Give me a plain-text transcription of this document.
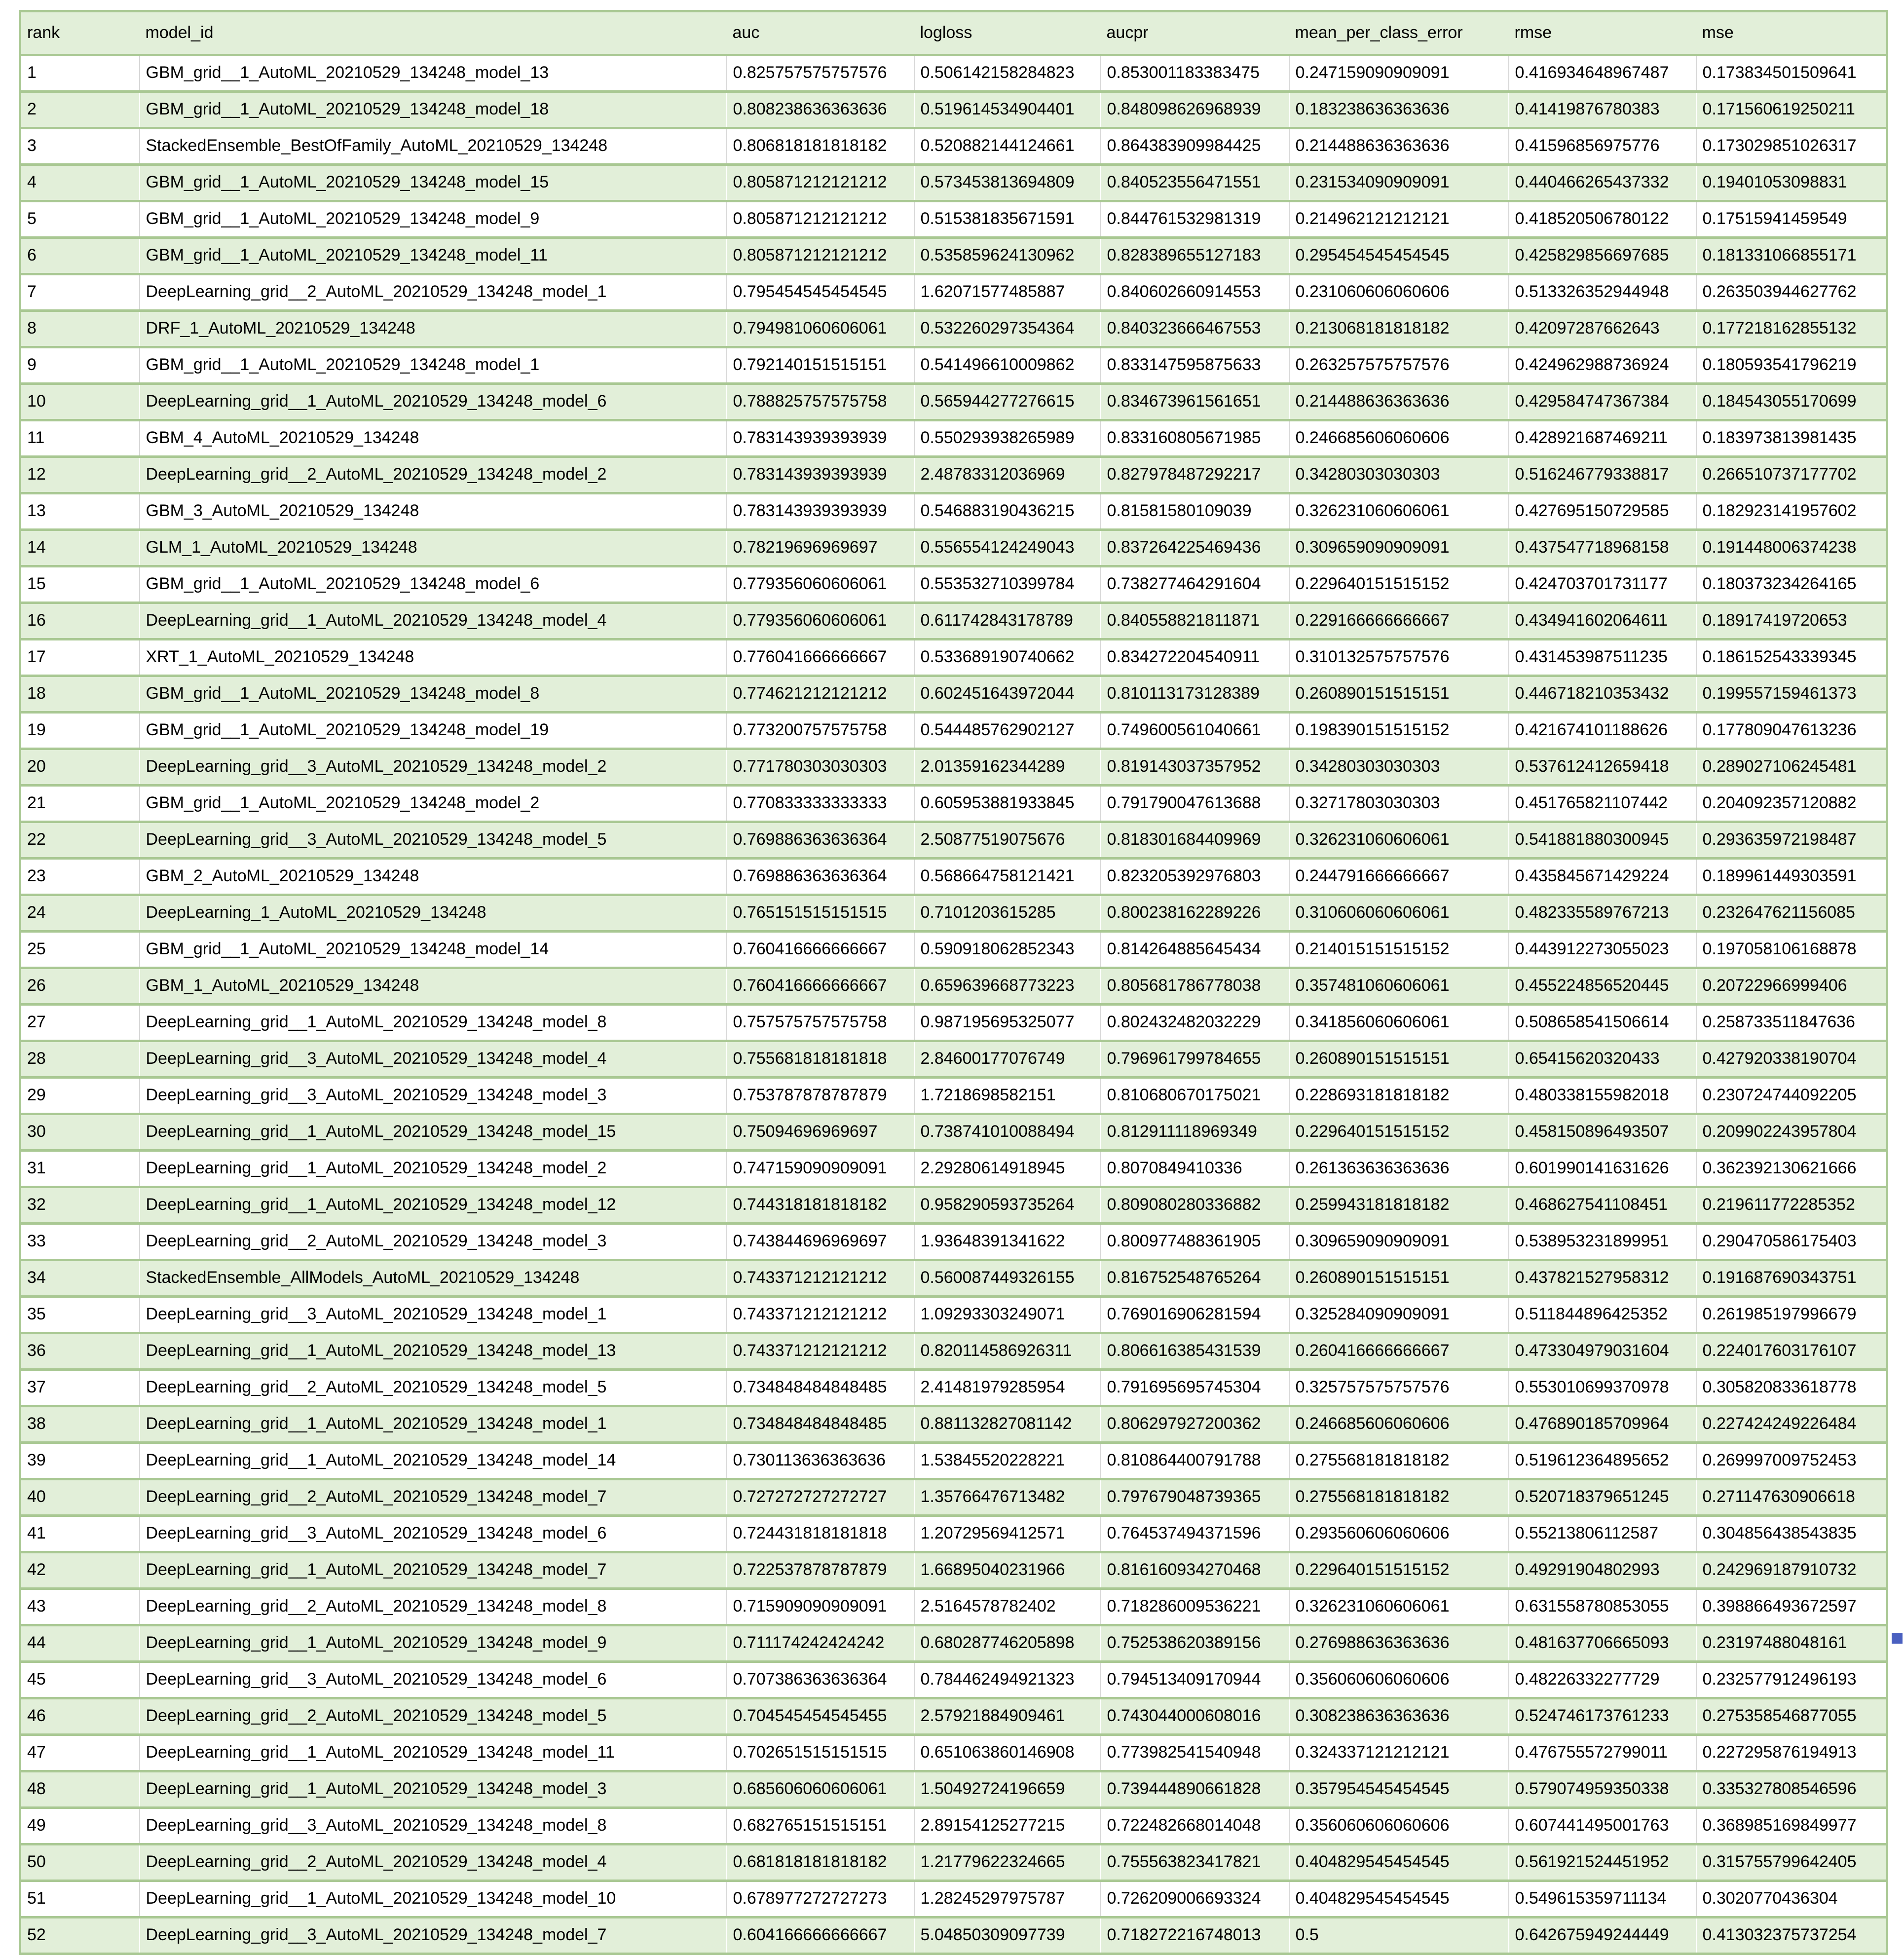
rank	model_id	auc	logloss	aucpr	mean_per_class_error	rmse	mse
1	GBM_grid__1_AutoML_20210529_134248_model_13	0.825757575757576	0.506142158284823	0.853001183383475	0.247159090909091	0.416934648967487	0.173834501509641
2	GBM_grid__1_AutoML_20210529_134248_model_18	0.808238636363636	0.519614534904401	0.848098626968939	0.183238636363636	0.41419876780383	0.171560619250211
3	StackedEnsemble_BestOfFamily_AutoML_20210529_134248	0.806818181818182	0.520882144124661	0.864383909984425	0.214488636363636	0.41596856975776	0.173029851026317
4	GBM_grid__1_AutoML_20210529_134248_model_15	0.805871212121212	0.573453813694809	0.840523556471551	0.231534090909091	0.440466265437332	0.19401053098831
5	GBM_grid__1_AutoML_20210529_134248_model_9	0.805871212121212	0.515381835671591	0.844761532981319	0.214962121212121	0.418520506780122	0.17515941459549
6	GBM_grid__1_AutoML_20210529_134248_model_11	0.805871212121212	0.535859624130962	0.828389655127183	0.295454545454545	0.425829856697685	0.181331066855171
7	DeepLearning_grid__2_AutoML_20210529_134248_model_1	0.795454545454545	1.62071577485887	0.840602660914553	0.231060606060606	0.513326352944948	0.263503944627762
8	DRF_1_AutoML_20210529_134248	0.794981060606061	0.532260297354364	0.840323666467553	0.213068181818182	0.42097287662643	0.177218162855132
9	GBM_grid__1_AutoML_20210529_134248_model_1	0.792140151515151	0.541496610009862	0.833147595875633	0.263257575757576	0.424962988736924	0.180593541796219
10	DeepLearning_grid__1_AutoML_20210529_134248_model_6	0.788825757575758	0.565944277276615	0.834673961561651	0.214488636363636	0.429584747367384	0.184543055170699
11	GBM_4_AutoML_20210529_134248	0.783143939393939	0.550293938265989	0.833160805671985	0.246685606060606	0.428921687469211	0.183973813981435
12	DeepLearning_grid__2_AutoML_20210529_134248_model_2	0.783143939393939	2.48783312036969	0.827978487292217	0.34280303030303	0.516246779338817	0.266510737177702
13	GBM_3_AutoML_20210529_134248	0.783143939393939	0.546883190436215	0.81581580109039	0.326231060606061	0.427695150729585	0.182923141957602
14	GLM_1_AutoML_20210529_134248	0.78219696969697	0.556554124249043	0.837264225469436	0.309659090909091	0.437547718968158	0.191448006374238
15	GBM_grid__1_AutoML_20210529_134248_model_6	0.779356060606061	0.553532710399784	0.738277464291604	0.229640151515152	0.424703701731177	0.180373234264165
16	DeepLearning_grid__1_AutoML_20210529_134248_model_4	0.779356060606061	0.611742843178789	0.840558821811871	0.229166666666667	0.434941602064611	0.18917419720653
17	XRT_1_AutoML_20210529_134248	0.776041666666667	0.533689190740662	0.834272204540911	0.310132575757576	0.431453987511235	0.186152543339345
18	GBM_grid__1_AutoML_20210529_134248_model_8	0.774621212121212	0.602451643972044	0.810113173128389	0.260890151515151	0.446718210353432	0.199557159461373
19	GBM_grid__1_AutoML_20210529_134248_model_19	0.773200757575758	0.544485762902127	0.749600561040661	0.198390151515152	0.421674101188626	0.177809047613236
20	DeepLearning_grid__3_AutoML_20210529_134248_model_2	0.771780303030303	2.01359162344289	0.819143037357952	0.34280303030303	0.537612412659418	0.289027106245481
21	GBM_grid__1_AutoML_20210529_134248_model_2	0.770833333333333	0.605953881933845	0.791790047613688	0.32717803030303	0.451765821107442	0.204092357120882
22	DeepLearning_grid__3_AutoML_20210529_134248_model_5	0.769886363636364	2.50877519075676	0.818301684409969	0.326231060606061	0.541881880300945	0.293635972198487
23	GBM_2_AutoML_20210529_134248	0.769886363636364	0.568664758121421	0.823205392976803	0.244791666666667	0.435845671429224	0.189961449303591
24	DeepLearning_1_AutoML_20210529_134248	0.765151515151515	0.7101203615285	0.800238162289226	0.310606060606061	0.482335589767213	0.232647621156085
25	GBM_grid__1_AutoML_20210529_134248_model_14	0.760416666666667	0.590918062852343	0.814264885645434	0.214015151515152	0.443912273055023	0.197058106168878
26	GBM_1_AutoML_20210529_134248	0.760416666666667	0.659639668773223	0.805681786778038	0.357481060606061	0.455224856520445	0.20722966999406
27	DeepLearning_grid__1_AutoML_20210529_134248_model_8	0.757575757575758	0.987195695325077	0.802432482032229	0.341856060606061	0.508658541506614	0.258733511847636
28	DeepLearning_grid__3_AutoML_20210529_134248_model_4	0.755681818181818	2.84600177076749	0.796961799784655	0.260890151515151	0.65415620320433	0.427920338190704
29	DeepLearning_grid__3_AutoML_20210529_134248_model_3	0.753787878787879	1.7218698582151	0.810680670175021	0.228693181818182	0.480338155982018	0.230724744092205
30	DeepLearning_grid__1_AutoML_20210529_134248_model_15	0.75094696969697	0.738741010088494	0.812911118969349	0.229640151515152	0.458150896493507	0.209902243957804
31	DeepLearning_grid__1_AutoML_20210529_134248_model_2	0.747159090909091	2.29280614918945	0.8070849410336	0.261363636363636	0.601990141631626	0.362392130621666
32	DeepLearning_grid__1_AutoML_20210529_134248_model_12	0.744318181818182	0.958290593735264	0.809080280336882	0.259943181818182	0.468627541108451	0.219611772285352
33	DeepLearning_grid__2_AutoML_20210529_134248_model_3	0.743844696969697	1.93648391341622	0.800977488361905	0.309659090909091	0.538953231899951	0.290470586175403
34	StackedEnsemble_AllModels_AutoML_20210529_134248	0.743371212121212	0.560087449326155	0.816752548765264	0.260890151515151	0.437821527958312	0.191687690343751
35	DeepLearning_grid__3_AutoML_20210529_134248_model_1	0.743371212121212	1.09293303249071	0.769016906281594	0.325284090909091	0.511844896425352	0.261985197996679
36	DeepLearning_grid__1_AutoML_20210529_134248_model_13	0.743371212121212	0.820114586926311	0.806616385431539	0.260416666666667	0.473304979031604	0.224017603176107
37	DeepLearning_grid__2_AutoML_20210529_134248_model_5	0.734848484848485	2.41481979285954	0.791695695745304	0.325757575757576	0.553010699370978	0.305820833618778
38	DeepLearning_grid__1_AutoML_20210529_134248_model_1	0.734848484848485	0.881132827081142	0.806297927200362	0.246685606060606	0.476890185709964	0.227424249226484
39	DeepLearning_grid__1_AutoML_20210529_134248_model_14	0.730113636363636	1.53845520228221	0.810864400791788	0.275568181818182	0.519612364895652	0.269997009752453
40	DeepLearning_grid__2_AutoML_20210529_134248_model_7	0.727272727272727	1.35766476713482	0.797679048739365	0.275568181818182	0.520718379651245	0.271147630906618
41	DeepLearning_grid__3_AutoML_20210529_134248_model_6	0.724431818181818	1.20729569412571	0.764537494371596	0.293560606060606	0.55213806112587	0.304856438543835
42	DeepLearning_grid__1_AutoML_20210529_134248_model_7	0.722537878787879	1.66895040231966	0.816160934270468	0.229640151515152	0.49291904802993	0.242969187910732
43	DeepLearning_grid__2_AutoML_20210529_134248_model_8	0.715909090909091	2.5164578782402	0.718286009536221	0.326231060606061	0.631558780853055	0.398866493672597
44	DeepLearning_grid__1_AutoML_20210529_134248_model_9	0.711174242424242	0.680287746205898	0.752538620389156	0.276988636363636	0.481637706665093	0.23197488048161
45	DeepLearning_grid__3_AutoML_20210529_134248_model_6	0.707386363636364	0.784462494921323	0.794513409170944	0.356060606060606	0.48226332277729	0.232577912496193
46	DeepLearning_grid__2_AutoML_20210529_134248_model_5	0.704545454545455	2.57921884909461	0.743044000608016	0.308238636363636	0.524746173761233	0.275358546877055
47	DeepLearning_grid__1_AutoML_20210529_134248_model_11	0.702651515151515	0.651063860146908	0.773982541540948	0.324337121212121	0.476755572799011	0.227295876194913
48	DeepLearning_grid__1_AutoML_20210529_134248_model_3	0.685606060606061	1.50492724196659	0.739444890661828	0.357954545454545	0.579074959350338	0.335327808546596
49	DeepLearning_grid__3_AutoML_20210529_134248_model_8	0.682765151515151	2.89154125277215	0.722482668014048	0.356060606060606	0.607441495001763	0.368985169849977
50	DeepLearning_grid__2_AutoML_20210529_134248_model_4	0.681818181818182	1.21779622324665	0.755563823417821	0.404829545454545	0.561921524451952	0.315755799642405
51	DeepLearning_grid__1_AutoML_20210529_134248_model_10	0.678977272727273	1.28245297975787	0.726209006693324	0.404829545454545	0.549615359711134	0.3020770436304
52	DeepLearning_grid__3_AutoML_20210529_134248_model_7	0.604166666666667	5.04850309097739	0.718272216748013	0.5	0.642675949244449	0.413032375737254
